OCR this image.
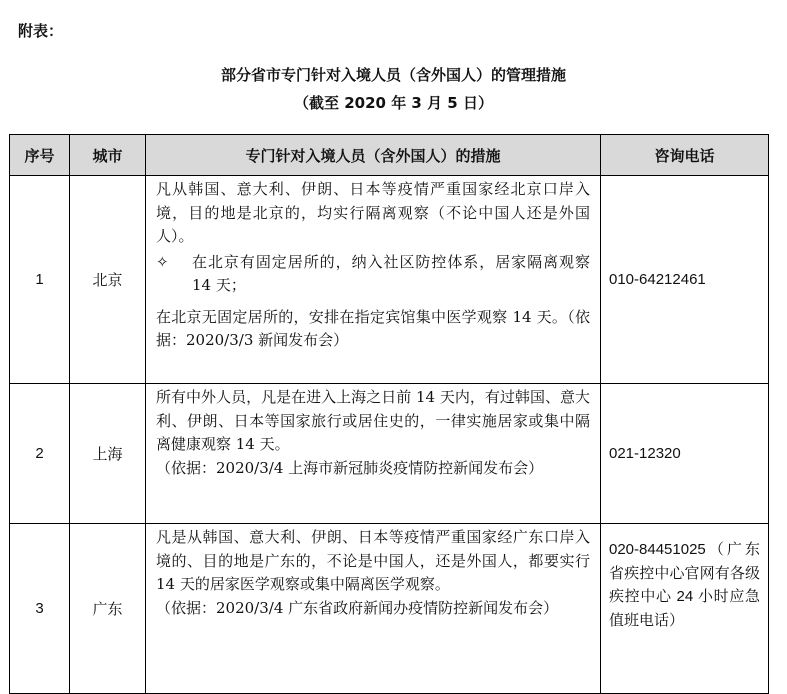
附表：
部分省市专门针对入境人员（含外国人）的管理措施
（截至 2020 年 3 月 5 日）
序号	城市	专门针对入境人员（含外国人）的措施	咨询电话
1	北京	凡从韩国、意大利、伊朗、日本等疫情严重国家经北京口岸入境，目的地是北京的，均实行隔离观察（不论中国人还是外国人）。
✧ 在北京有固定居所的，纳入社区防控体系，居家隔离观察 14 天；
在北京无固定居所的，安排在指定宾馆集中医学观察 14 天。（依据：2020/3/3 新闻发布会）	010-64212461
2	上海	所有中外人员，凡是在进入上海之日前 14 天内，有过韩国、意大利、伊朗、日本等国家旅行或居住史的，一律实施居家或集中隔离健康观察 14 天。
（依据：2020/3/4 上海市新冠肺炎疫情防控新闻发布会）	021-12320
3	广东	凡是从韩国、意大利、伊朗、日本等疫情严重国家经广东口岸入境的、目的地是广东的，不论是中国人，还是外国人，都要实行 14 天的居家医学观察或集中隔离医学观察。
（依据：2020/3/4 广东省政府新闻办疫情防控新闻发布会）	020-84451025（广东省疾控中心官网有各级疾控中心 24 小时应急值班电话）
